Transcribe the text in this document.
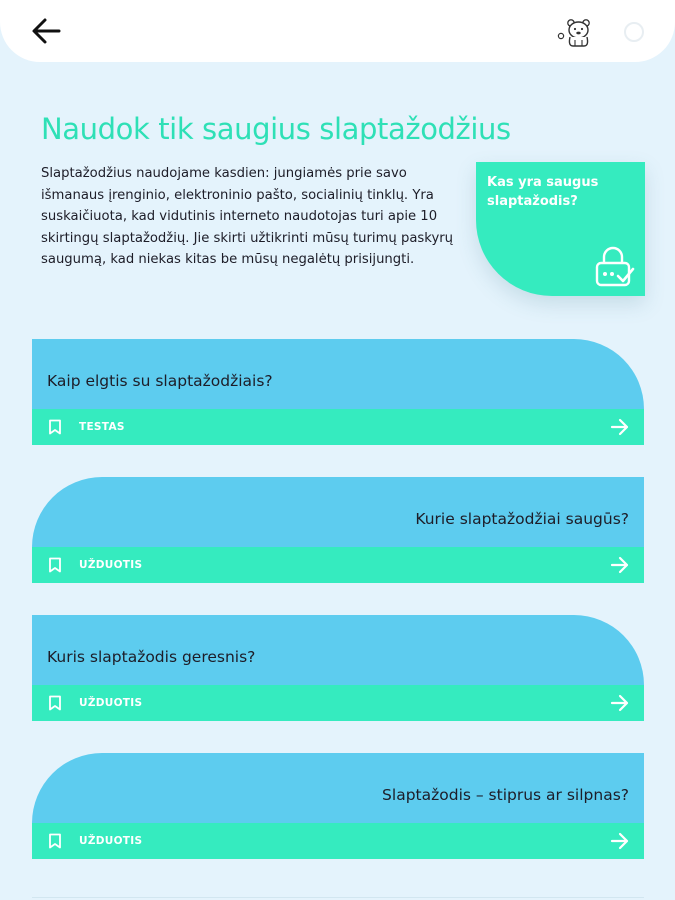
Naudok tik saugius slaptažodžius

Slaptažodžius naudojame kasdien: jungiamės prie savo išmanaus įrenginio, elektroninio pašto, socialinių tinklų. Yra suskaičiuota, kad vidutinis interneto naudotojas turi apie 10 skirtingų slaptažodžių. Jie skirti užtikrinti mūsų turimų paskyrų saugumą, kad niekas kitas be mūsų negalėtų prisijungti.

Kas yra saugus slaptažodis?
Kaip elgtis su slaptažodžiais?
TESTAS
Kurie slaptažodžiai saugūs?
UŽDUOTIS
Kuris slaptažodis geresnis?
UŽDUOTIS
Slaptažodis – stiprus ar silpnas?
UŽDUOTIS
